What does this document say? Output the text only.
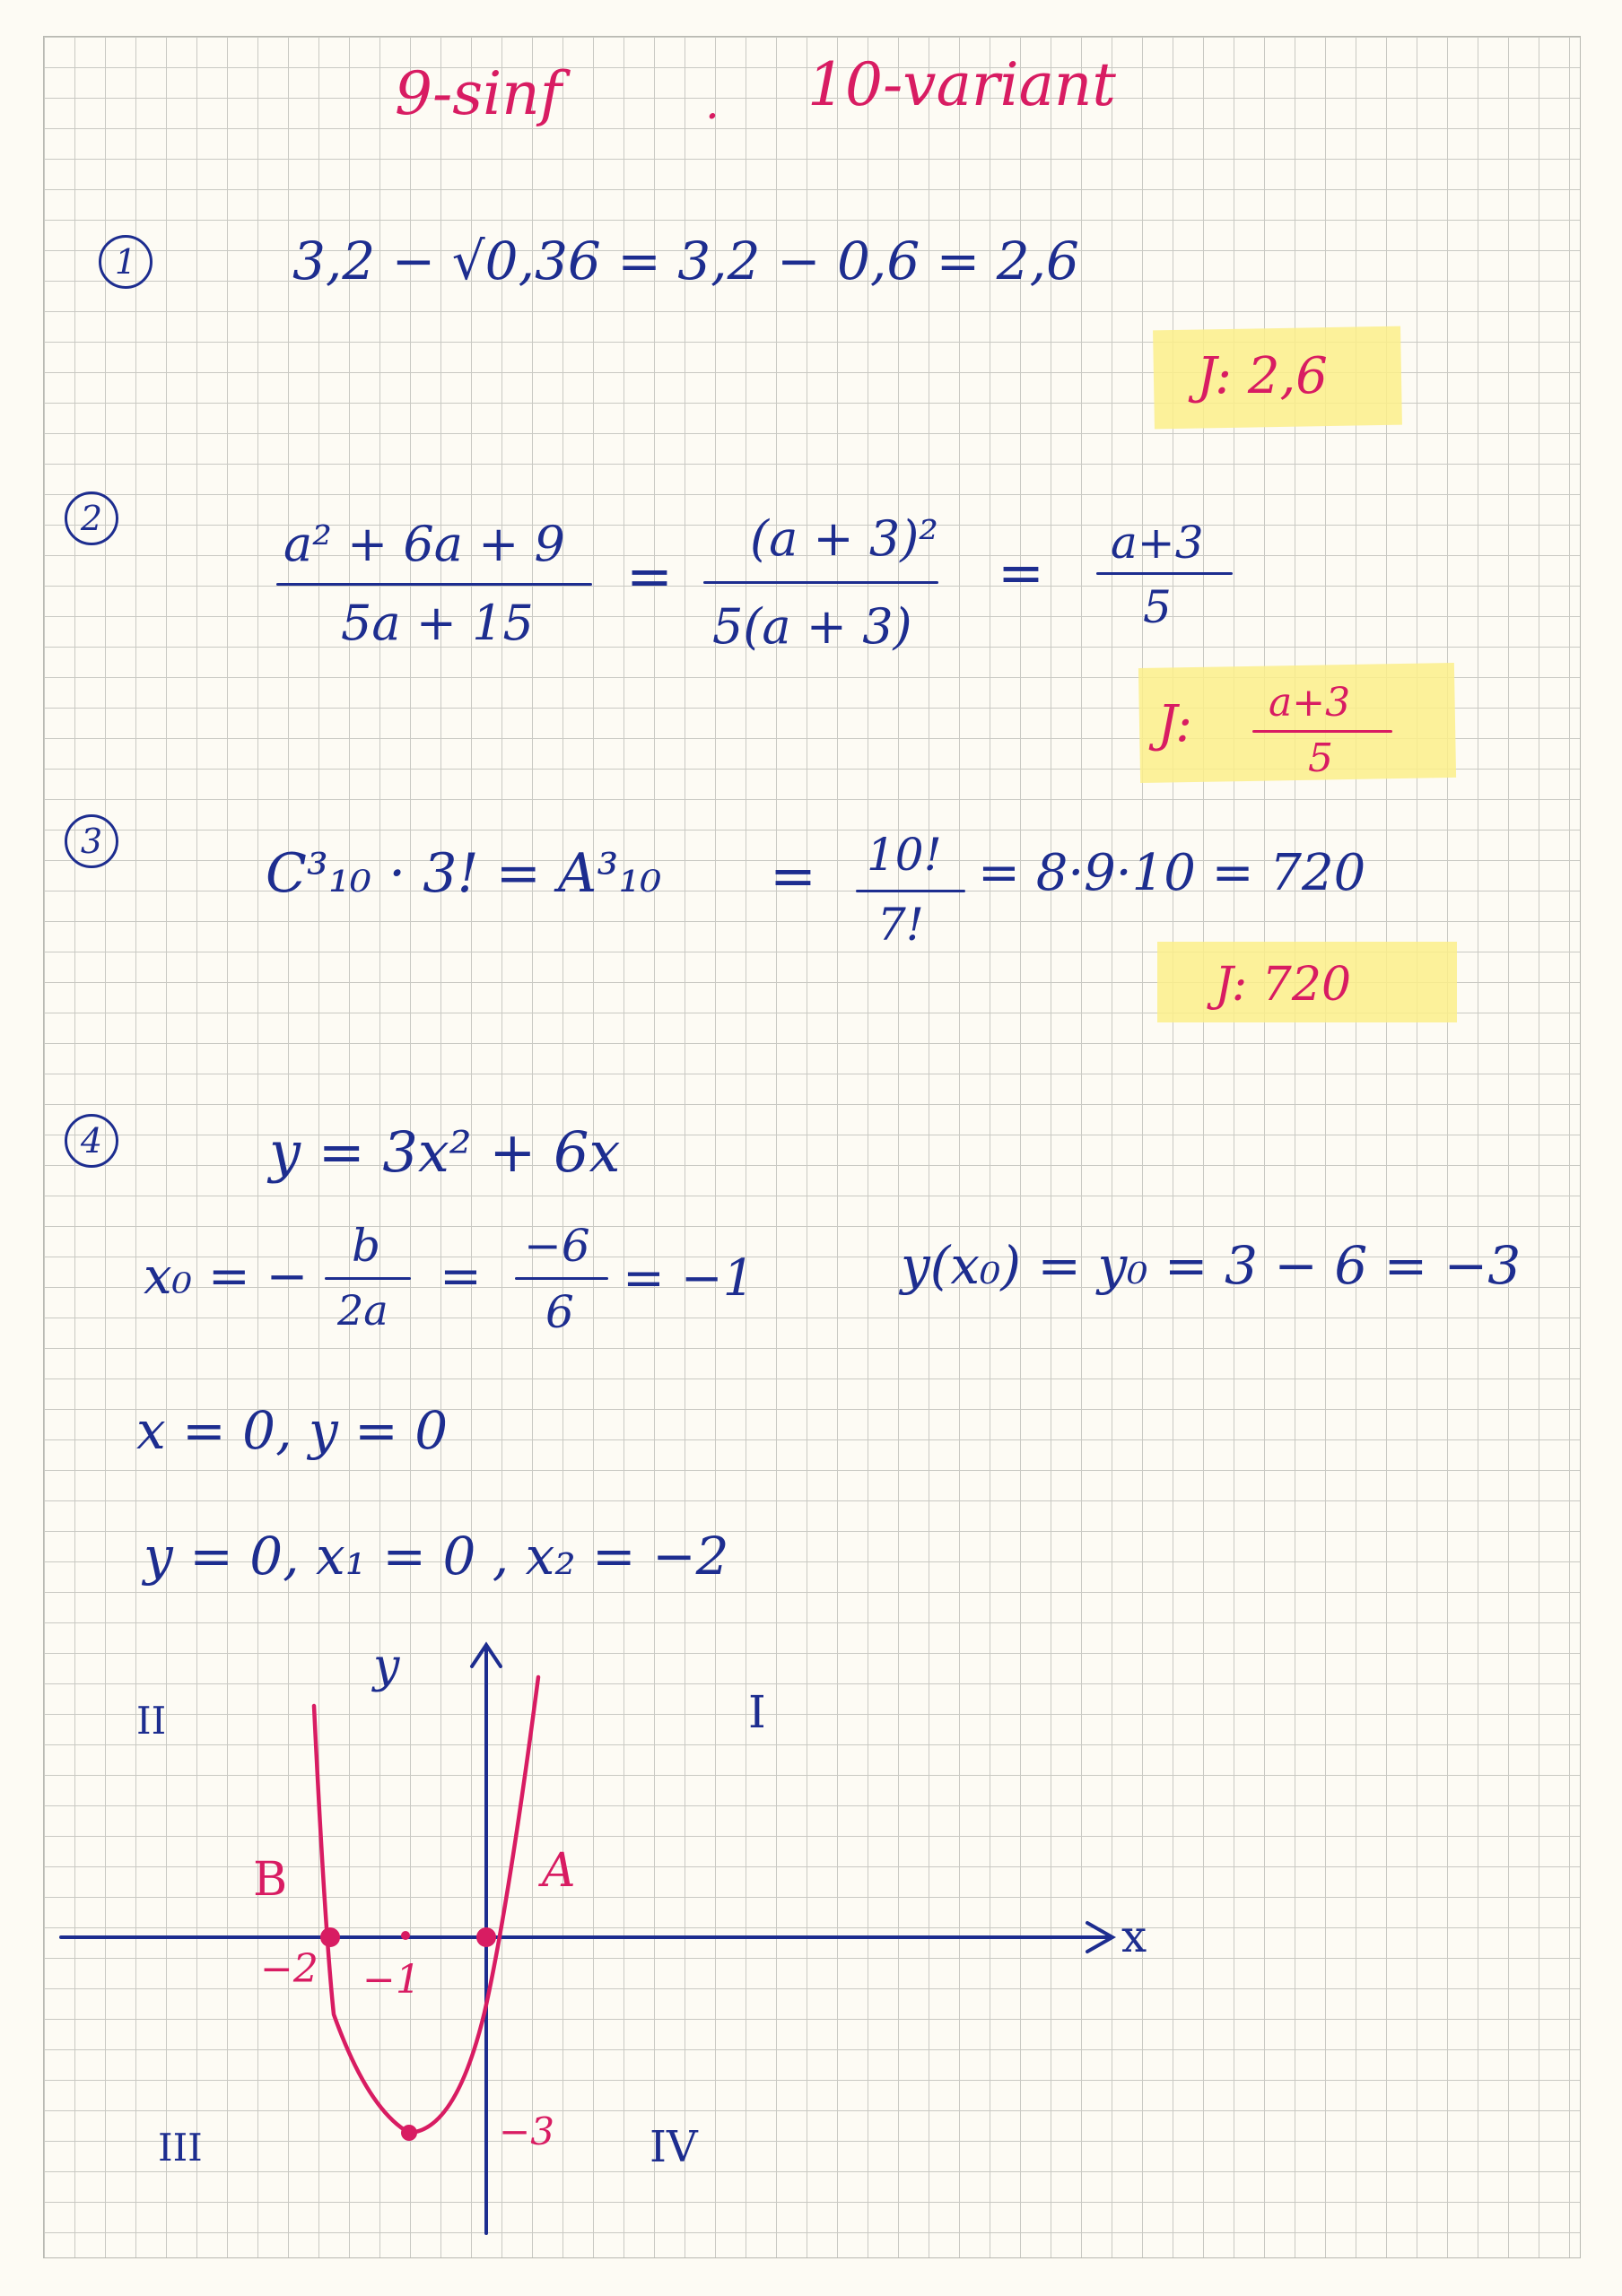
9-sinf	. 10-variant
1	3,2 − √0,36 = 3,2 − 0,6 = 2,6
J: 2,6
2	a² + 6a + 9
5a + 15
=
(a + 3)²
5(a + 3)
= a+3
5
J: a+3
5
3
C³₁₀ · 3! = A³₁₀ = 10!
7!
= 8·9·10 = 720
J: 720
4	y = 3x² + 6x
x₀ = −
b
2a
=
−6
6
= −1	y(x₀) = y₀ = 3 − 6 = −3
x = 0, y = 0
y = 0, x₁ = 0 , x₂ = −2
y
x
II	I
III	IV
B	A
−2 −1
−3
